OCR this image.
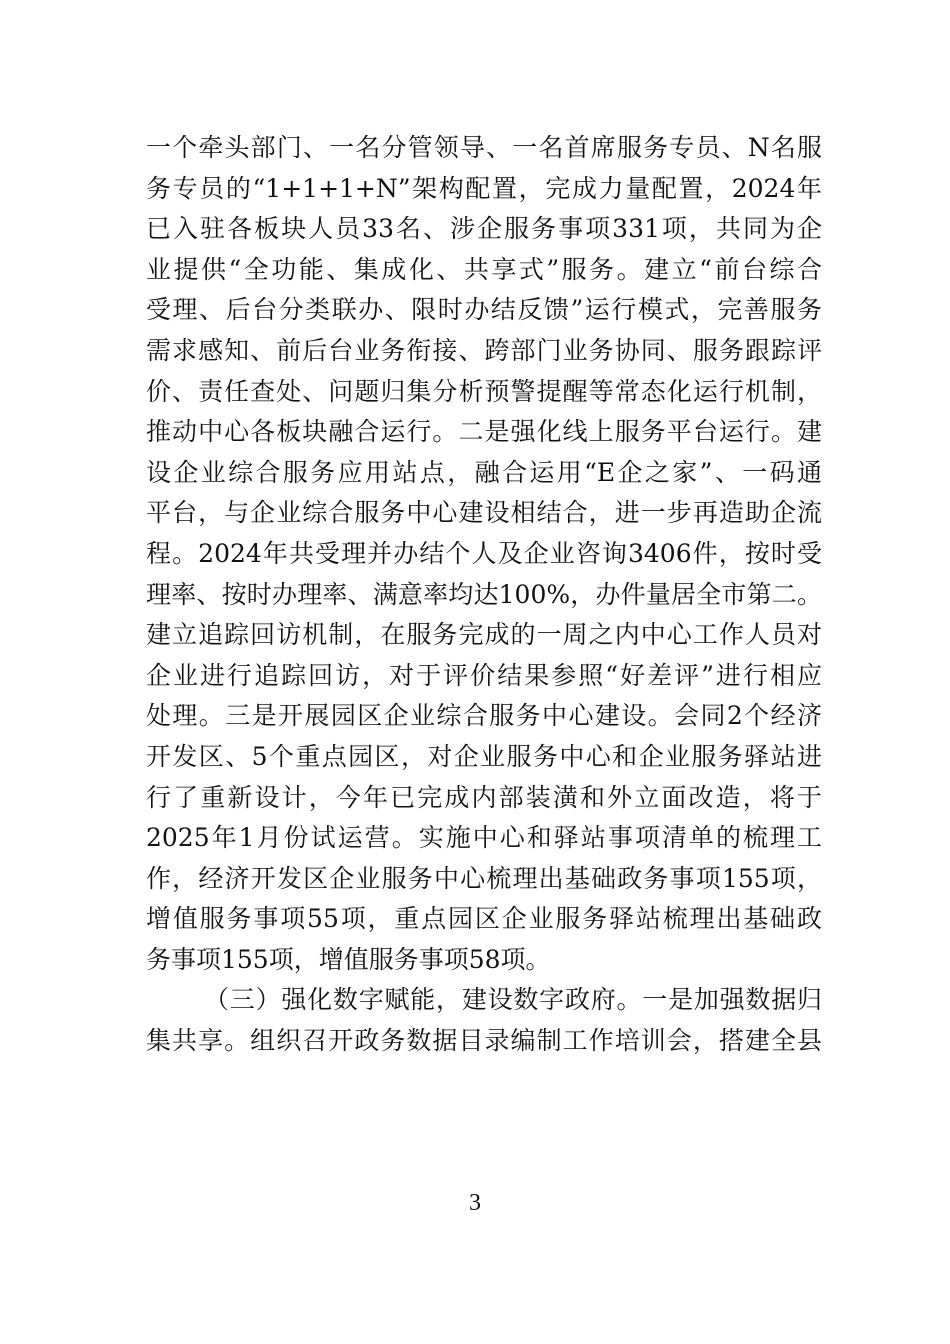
一个牵头部门、一名分管领导、一名首席服务专员、N名服
务专员的“1+1+1+N”架构配置，完成力量配置，2024年
已入驻各板块人员33名、涉企服务事项331项，共同为企
业提供“全功能、集成化、共享式”服务。建立“前台综合
受理、后台分类联办、限时办结反馈”运行模式，完善服务
需求感知、前后台业务衔接、跨部门业务协同、服务跟踪评
价、责任查处、问题归集分析预警提醒等常态化运行机制，
推动中心各板块融合运行。二是强化线上服务平台运行。建
设企业综合服务应用站点，融合运用“E企之家”、一码通
平台，与企业综合服务中心建设相结合，进一步再造助企流
程。2024年共受理并办结个人及企业咨询3406件，按时受
理率、按时办理率、满意率均达100%，办件量居全市第二。
建立追踪回访机制，在服务完成的一周之内中心工作人员对
企业进行追踪回访，对于评价结果参照“好差评”进行相应
处理。三是开展园区企业综合服务中心建设。会同2个经济
开发区、5个重点园区，对企业服务中心和企业服务驿站进
行了重新设计，今年已完成内部装潢和外立面改造，将于
2025年1月份试运营。实施中心和驿站事项清单的梳理工
作，经济开发区企业服务中心梳理出基础政务事项155项，
增值服务事项55项，重点园区企业服务驿站梳理出基础政
务事项155项，增值服务事项58项。
（三）强化数字赋能，建设数字政府。一是加强数据归
集共享。组织召开政务数据目录编制工作培训会，搭建全县
3
